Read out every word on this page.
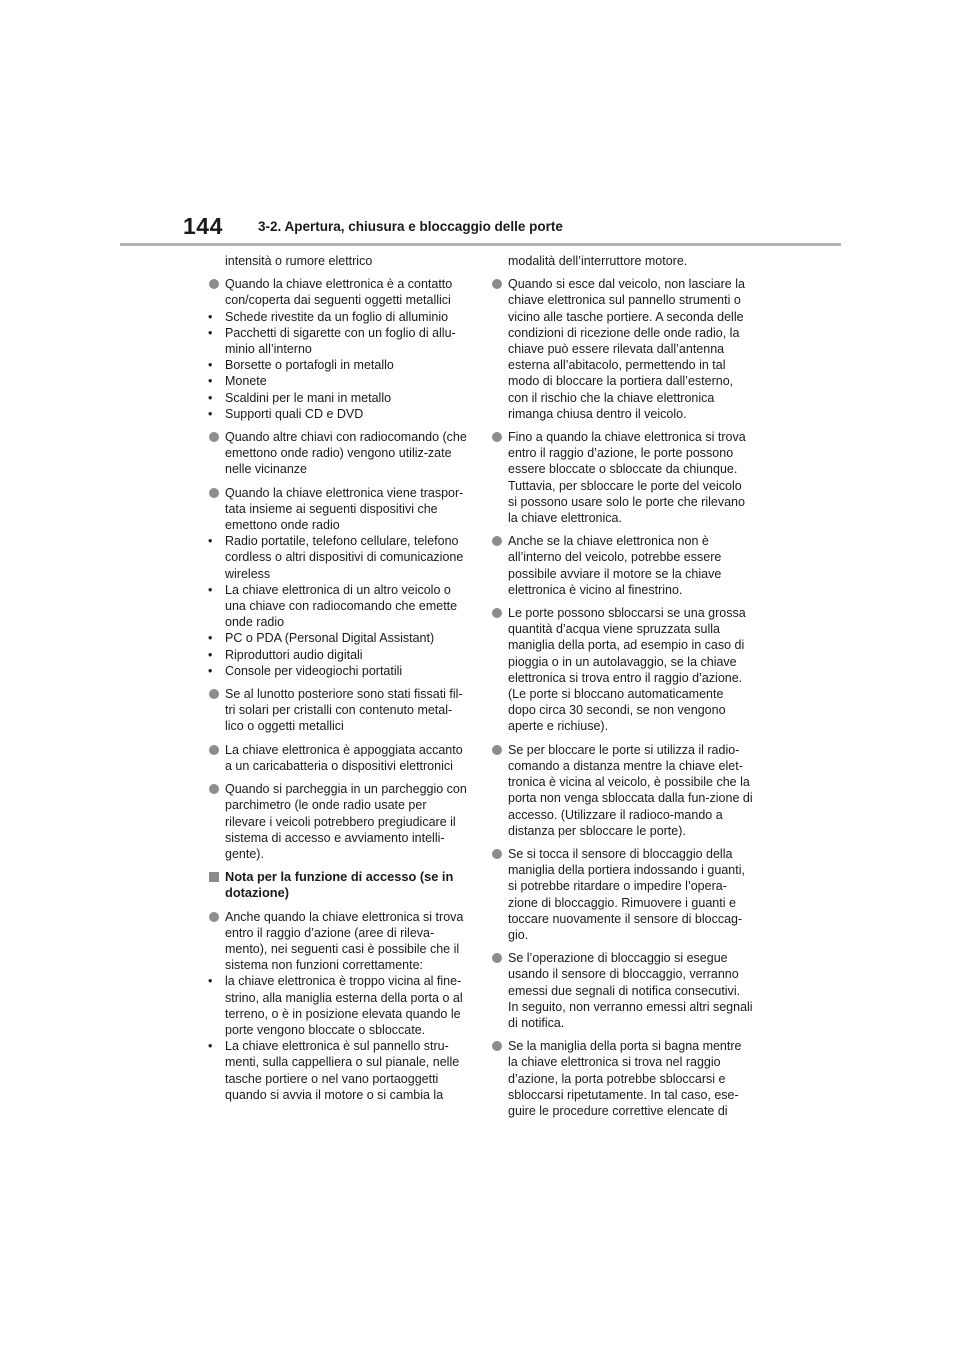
144	3-2. Apertura, chiusura e bloccaggio delle porte
intensità o rumore elettrico
Quando la chiave elettronica è a contatto con/coperta dai seguenti oggetti metallici
• Schede rivestite da un foglio di alluminio
• Pacchetti di sigarette con un foglio di allu-minio all’interno
• Borsette o portafogli in metallo
• Monete
• Scaldini per le mani in metallo
• Supporti quali CD e DVD
Quando altre chiavi con radiocomando (che emettono onde radio) vengono utiliz-zate nelle vicinanze
Quando la chiave elettronica viene traspor-tata insieme ai seguenti dispositivi che emettono onde radio
• Radio portatile, telefono cellulare, telefono cordless o altri dispositivi di comunicazione wireless
• La chiave elettronica di un altro veicolo o una chiave con radiocomando che emette onde radio
• PC o PDA (Personal Digital Assistant)
• Riproduttori audio digitali
• Console per videogiochi portatili
Se al lunotto posteriore sono stati fissati fil-tri solari per cristalli con contenuto metal-lico o oggetti metallici
La chiave elettronica è appoggiata accanto a un caricabatteria o dispositivi elettronici
Quando si parcheggia in un parcheggio con parchimetro (le onde radio usate per rilevare i veicoli potrebbero pregiudicare il sistema di accesso e avviamento intelli-gente).
Nota per la funzione di accesso (se in dotazione)
Anche quando la chiave elettronica si trova entro il raggio d’azione (aree di rileva-mento), nei seguenti casi è possibile che il sistema non funzioni correttamente:
• la chiave elettronica è troppo vicina al fine-strino, alla maniglia esterna della porta o al terreno, o è in posizione elevata quando le porte vengono bloccate o sbloccate.
• La chiave elettronica è sul pannello stru-menti, sulla cappelliera o sul pianale, nelle tasche portiere o nel vano portaoggetti quando si avvia il motore o si cambia la
modalità dell’interruttore motore.
Quando si esce dal veicolo, non lasciare la chiave elettronica sul pannello strumenti o vicino alle tasche portiere. A seconda delle condizioni di ricezione delle onde radio, la chiave può essere rilevata dall’antenna esterna all’abitacolo, permettendo in tal modo di bloccare la portiera dall’esterno, con il rischio che la chiave elettronica rimanga chiusa dentro il veicolo.
Fino a quando la chiave elettronica si trova entro il raggio d’azione, le porte possono essere bloccate o sbloccate da chiunque. Tuttavia, per sbloccare le porte del veicolo si possono usare solo le porte che rilevano la chiave elettronica.
Anche se la chiave elettronica non è all’interno del veicolo, potrebbe essere possibile avviare il motore se la chiave elettronica è vicino al finestrino.
Le porte possono sbloccarsi se una grossa quantità d’acqua viene spruzzata sulla maniglia della porta, ad esempio in caso di pioggia o in un autolavaggio, se la chiave elettronica si trova entro il raggio d’azione. (Le porte si bloccano automaticamente dopo circa 30 secondi, se non vengono aperte e richiuse).
Se per bloccare le porte si utilizza il radio-comando a distanza mentre la chiave elet-tronica è vicina al veicolo, è possibile che la porta non venga sbloccata dalla fun-zione di accesso. (Utilizzare il radioco-mando a distanza per sbloccare le porte).
Se si tocca il sensore di bloccaggio della maniglia della portiera indossando i guanti, si potrebbe ritardare o impedire l’opera-zione di bloccaggio. Rimuovere i guanti e toccare nuovamente il sensore di bloccag-gio.
Se l’operazione di bloccaggio si esegue usando il sensore di bloccaggio, verranno emessi due segnali di notifica consecutivi. In seguito, non verranno emessi altri segnali di notifica.
Se la maniglia della porta si bagna mentre la chiave elettronica si trova nel raggio d’azione, la porta potrebbe sbloccarsi e sbloccarsi ripetutamente. In tal caso, ese-guire le procedure correttive elencate di
